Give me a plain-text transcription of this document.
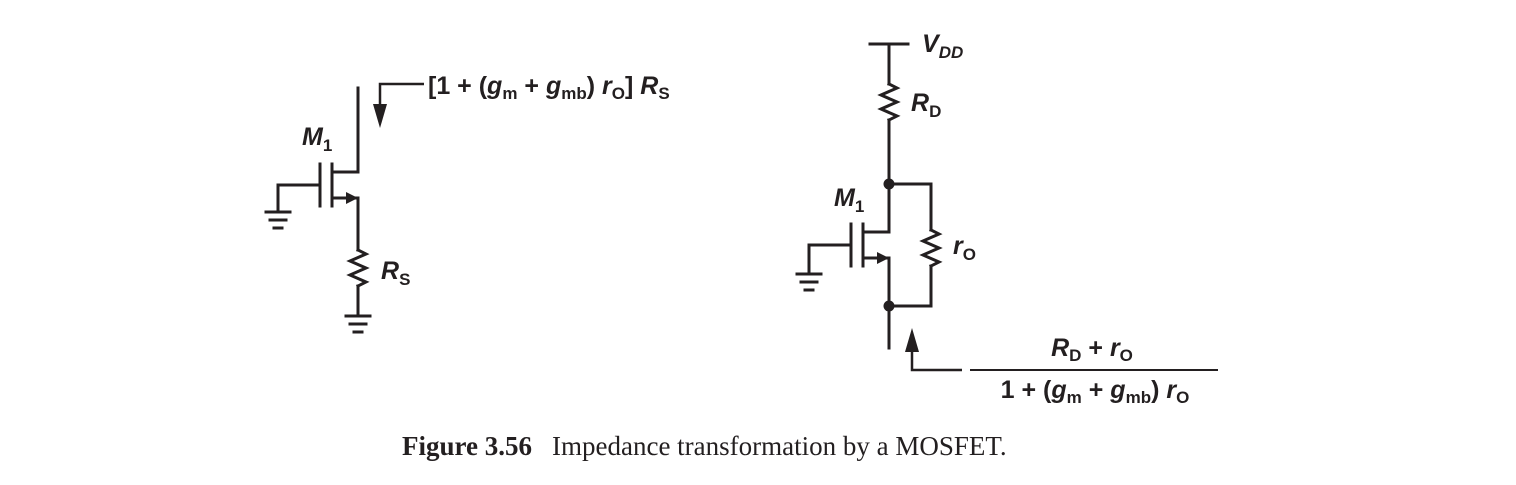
$M_1$
$R_S$
[$1 + (g_m + g_{mb})$ $r_O$] $R_S$
$V_{DD}$
$R_D$
$M_1$
$r_O$
$R_D + r_O$
$1 + (g_m + g_{mb})$ $r_O$
Figure 3.56 Impedance transformation by a MOSFET.
